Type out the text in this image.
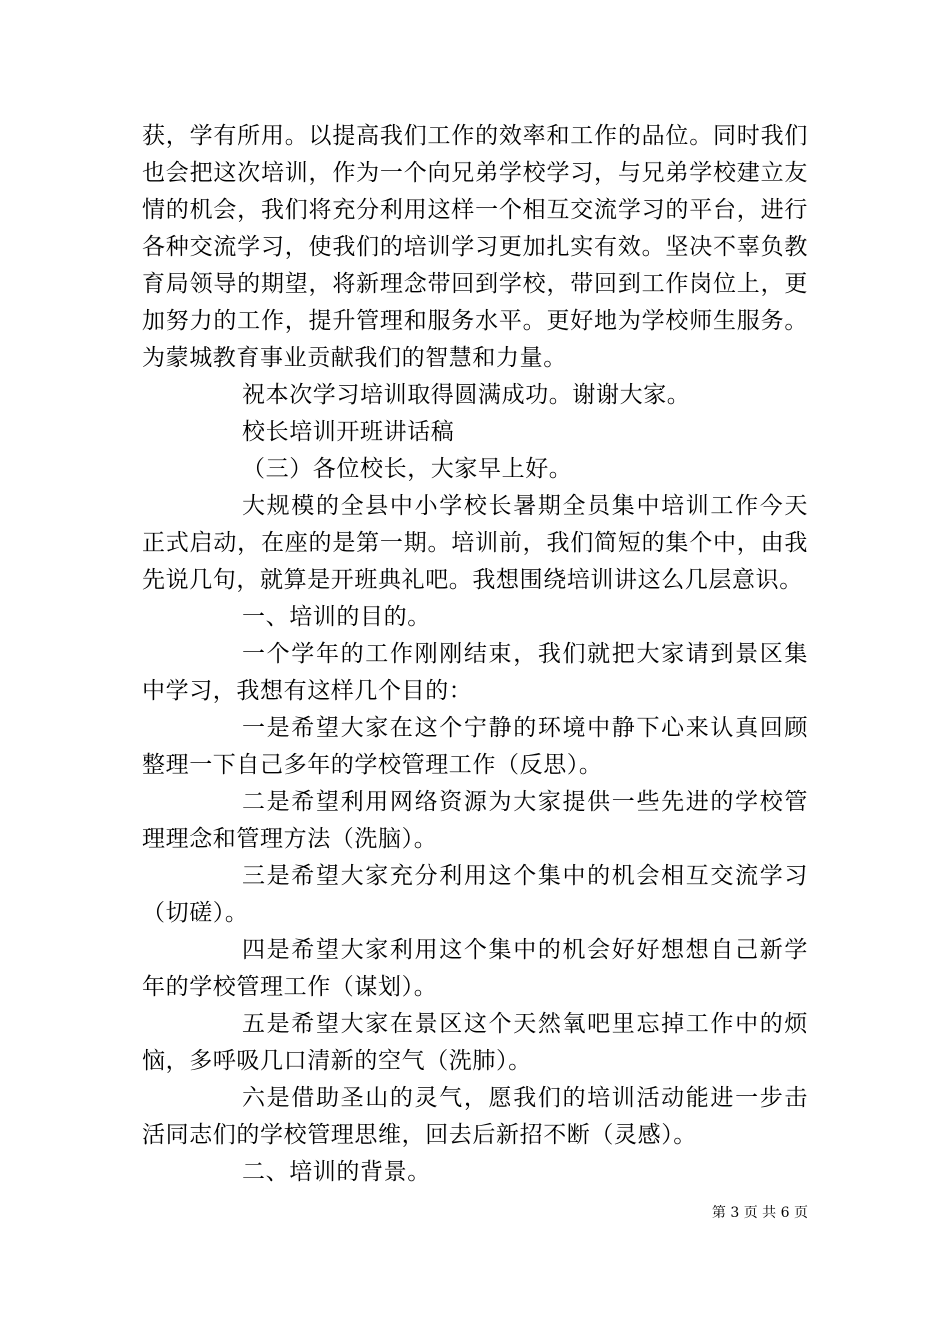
获，学有所用。以提高我们工作的效率和工作的品位。同时我们也会把这次培训，作为一个向兄弟学校学习，与兄弟学校建立友情的机会，我们将充分利用这样一个相互交流学习的平台，进行各种交流学习，使我们的培训学习更加扎实有效。坚决不辜负教育局领导的期望，将新理念带回到学校，带回到工作岗位上，更加努力的工作，提升管理和服务水平。更好地为学校师生服务。为蒙城教育事业贡献我们的智慧和力量。

祝本次学习培训取得圆满成功。谢谢大家。

校长培训开班讲话稿

（三）各位校长，大家早上好。

大规模的全县中小学校长暑期全员集中培训工作今天正式启动，在座的是第一期。培训前，我们简短的集个中，由我先说几句，就算是开班典礼吧。我想围绕培训讲这么几层意识。

一、培训的目的。

一个学年的工作刚刚结束，我们就把大家请到景区集中学习，我想有这样几个目的：

一是希望大家在这个宁静的环境中静下心来认真回顾整理一下自己多年的学校管理工作（反思）。

二是希望利用网络资源为大家提供一些先进的学校管理理念和管理方法（洗脑）。

三是希望大家充分利用这个集中的机会相互交流学习（切磋）。

四是希望大家利用这个集中的机会好好想想自己新学年的学校管理工作（谋划）。

五是希望大家在景区这个天然氧吧里忘掉工作中的烦恼，多呼吸几口清新的空气（洗肺）。

六是借助圣山的灵气，愿我们的培训活动能进一步击活同志们的学校管理思维，回去后新招不断（灵感）。

二、培训的背景。

第 3 页 共 6 页
